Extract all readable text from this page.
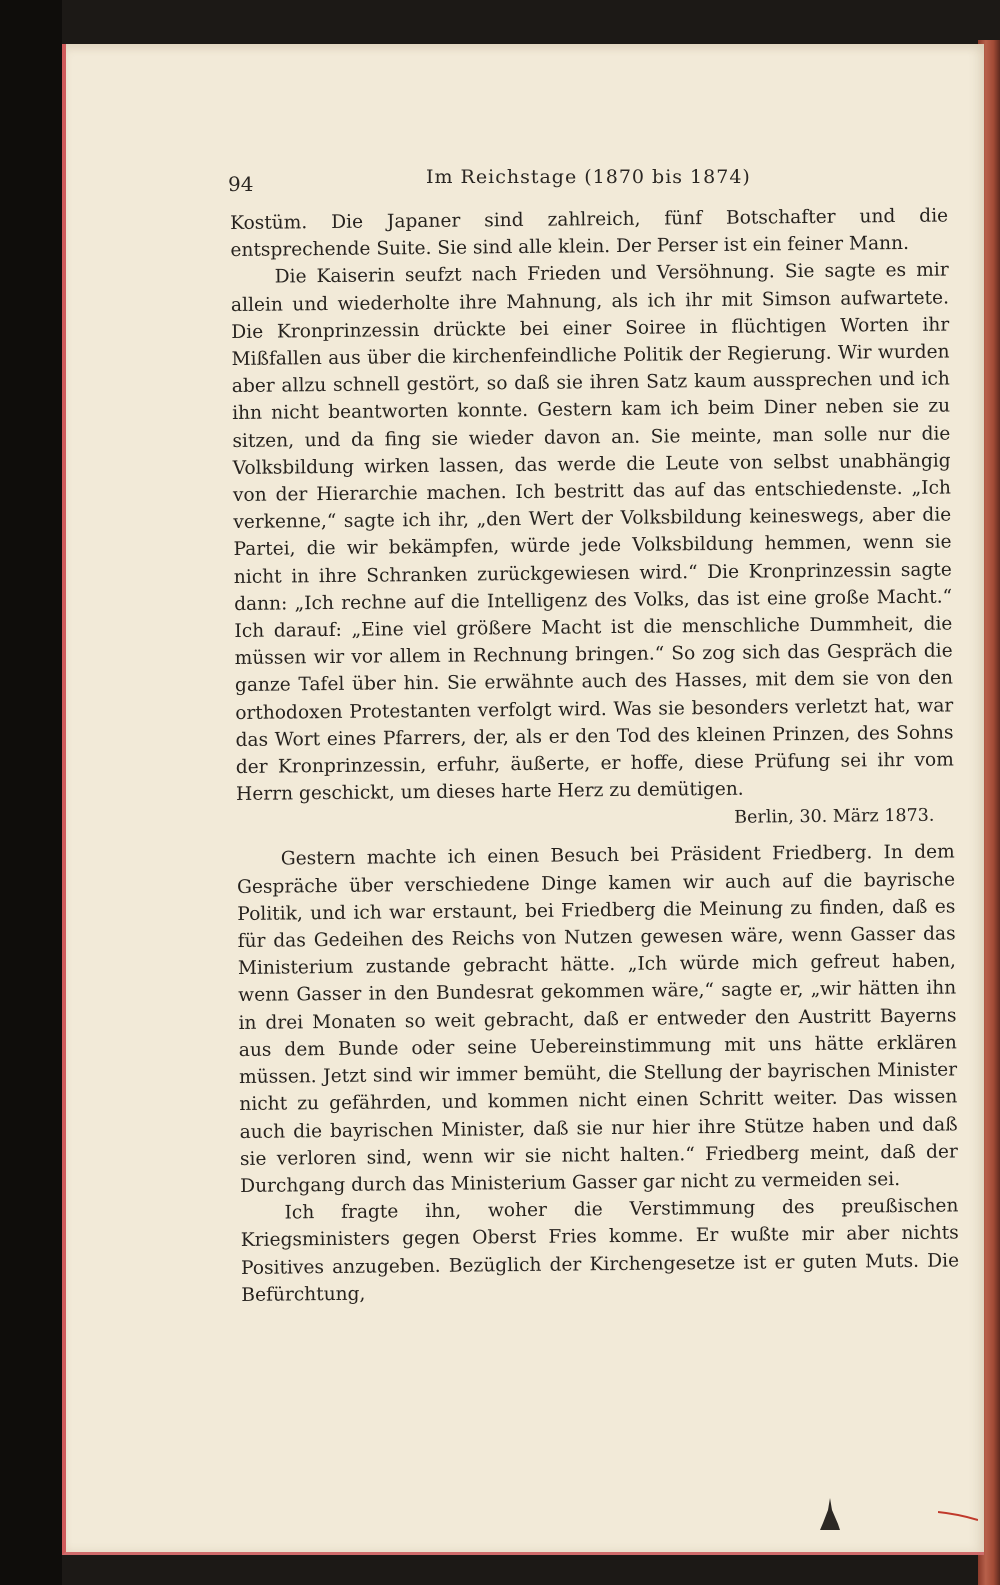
94	Im Reichstage (1870 bis 1874)

Kostüm. Die Japaner sind zahlreich, fünf Botschafter und die entsprechende Suite. Sie sind alle klein. Der Perser ist ein feiner Mann.

Die Kaiserin seufzt nach Frieden und Versöhnung. Sie sagte es mir allein und wiederholte ihre Mahnung, als ich ihr mit Simson aufwartete. Die Kronprinzessin drückte bei einer Soiree in flüchtigen Worten ihr Mißfallen aus über die kirchenfeindliche Politik der Regierung. Wir wurden aber allzu schnell gestört, so daß sie ihren Satz kaum aussprechen und ich ihn nicht beantworten konnte. Gestern kam ich beim Diner neben sie zu sitzen, und da fing sie wieder davon an. Sie meinte, man solle nur die Volksbildung wirken lassen, das werde die Leute von selbst unabhängig von der Hierarchie machen. Ich bestritt das auf das entschiedenste. „Ich verkenne,“ sagte ich ihr, „den Wert der Volksbildung keineswegs, aber die Partei, die wir bekämpfen, würde jede Volksbildung hemmen, wenn sie nicht in ihre Schranken zurückgewiesen wird.“ Die Kronprinzessin sagte dann: „Ich rechne auf die Intelligenz des Volks, das ist eine große Macht.“ Ich darauf: „Eine viel größere Macht ist die menschliche Dummheit, die müssen wir vor allem in Rechnung bringen.“ So zog sich das Gespräch die ganze Tafel über hin. Sie erwähnte auch des Hasses, mit dem sie von den orthodoxen Protestanten verfolgt wird. Was sie besonders verletzt hat, war das Wort eines Pfarrers, der, als er den Tod des kleinen Prinzen, des Sohns der Kronprinzessin, erfuhr, äußerte, er hoffe, diese Prüfung sei ihr vom Herrn geschickt, um dieses harte Herz zu demütigen.

Berlin, 30. März 1873.

Gestern machte ich einen Besuch bei Präsident Friedberg. In dem Gespräche über verschiedene Dinge kamen wir auch auf die bayrische Politik, und ich war erstaunt, bei Friedberg die Meinung zu finden, daß es für das Gedeihen des Reichs von Nutzen gewesen wäre, wenn Gasser das Ministerium zustande gebracht hätte. „Ich würde mich gefreut haben, wenn Gasser in den Bundesrat gekommen wäre,“ sagte er, „wir hätten ihn in drei Monaten so weit gebracht, daß er entweder den Austritt Bayerns aus dem Bunde oder seine Uebereinstimmung mit uns hätte erklären müssen. Jetzt sind wir immer bemüht, die Stellung der bayrischen Minister nicht zu gefährden, und kommen nicht einen Schritt weiter. Das wissen auch die bayrischen Minister, daß sie nur hier ihre Stütze haben und daß sie verloren sind, wenn wir sie nicht halten.“ Friedberg meint, daß der Durchgang durch das Ministerium Gasser gar nicht zu vermeiden sei.

Ich fragte ihn, woher die Verstimmung des preußischen Kriegsministers gegen Oberst Fries komme. Er wußte mir aber nichts Positives anzugeben. Bezüglich der Kirchengesetze ist er guten Muts. Die Befürchtung,
